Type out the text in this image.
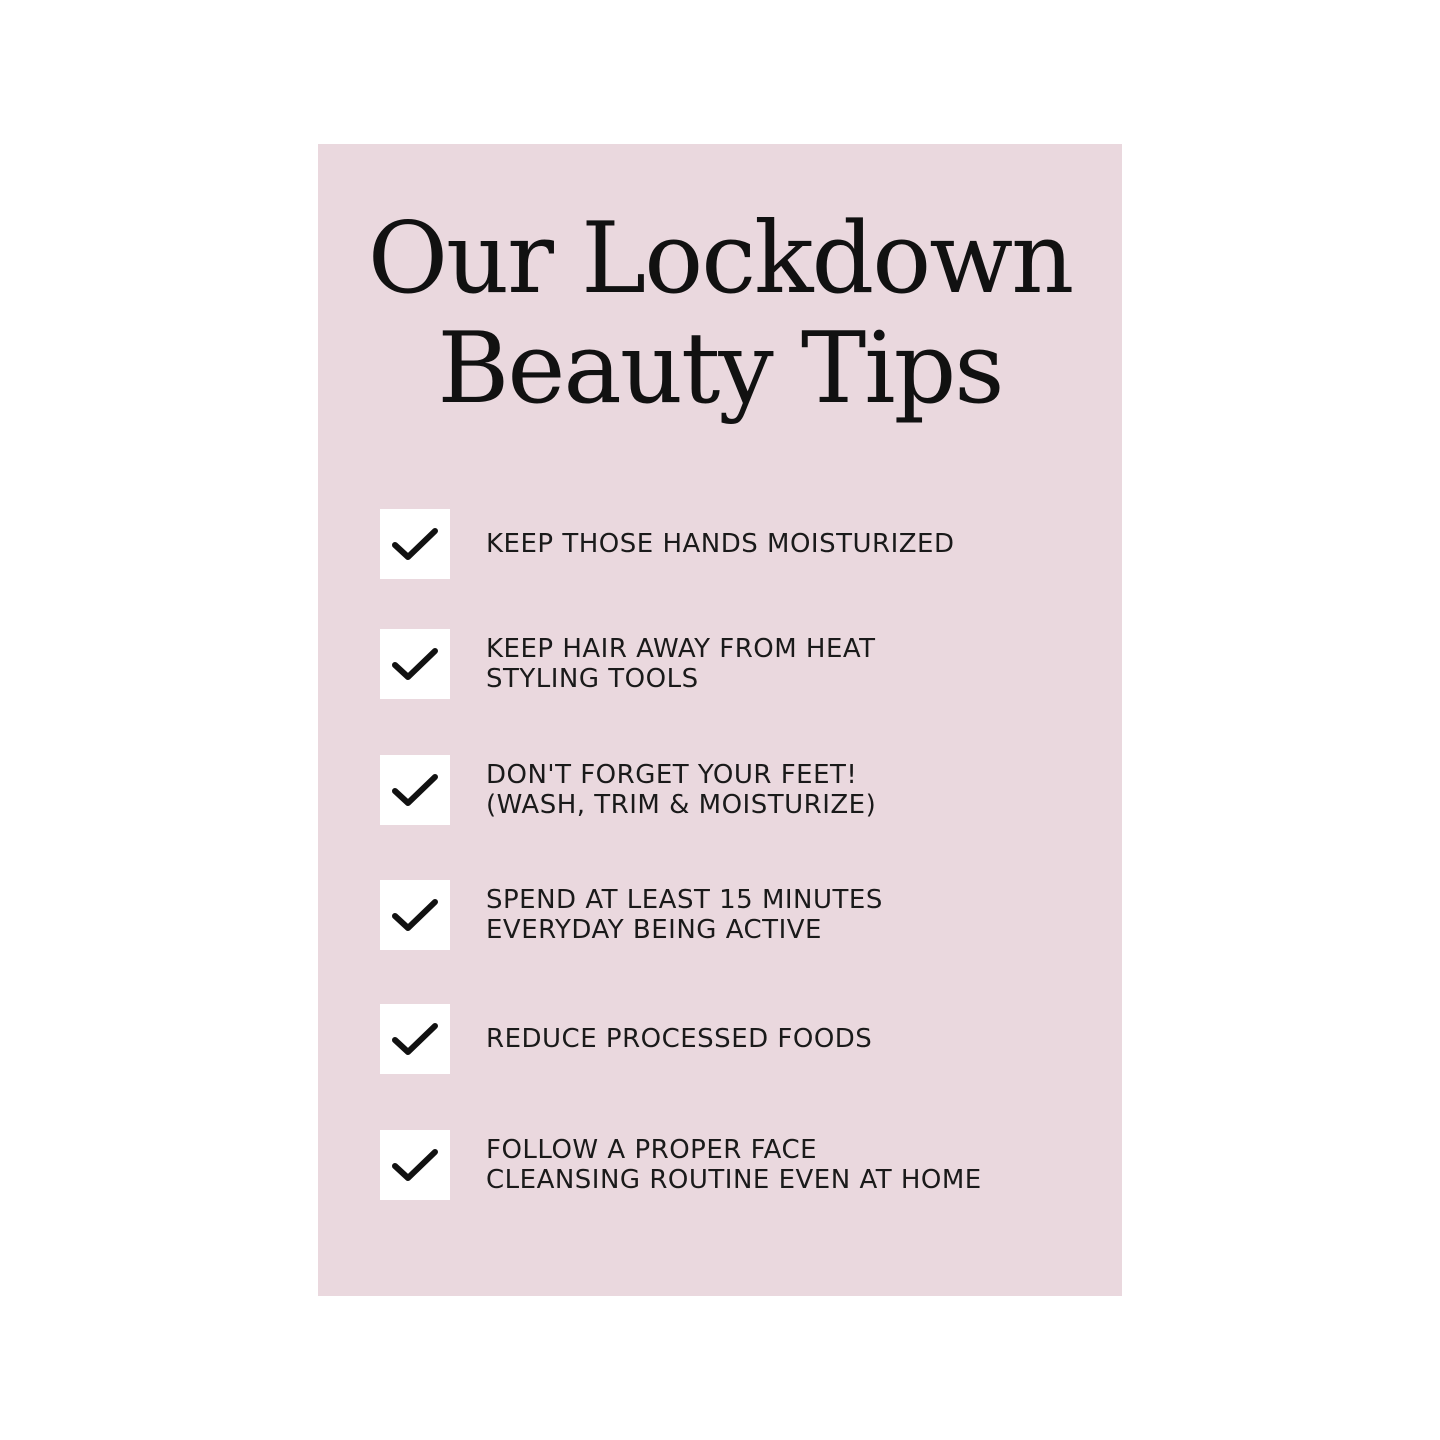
Our Lockdown
Beauty Tips
KEEP THOSE HANDS MOISTURIZED
KEEP HAIR AWAY FROM HEAT
STYLING TOOLS
DON'T FORGET YOUR FEET!
(WASH, TRIM & MOISTURIZE)
SPEND AT LEAST 15 MINUTES
EVERYDAY BEING ACTIVE
REDUCE PROCESSED FOODS
FOLLOW A PROPER FACE
CLEANSING ROUTINE EVEN AT HOME
